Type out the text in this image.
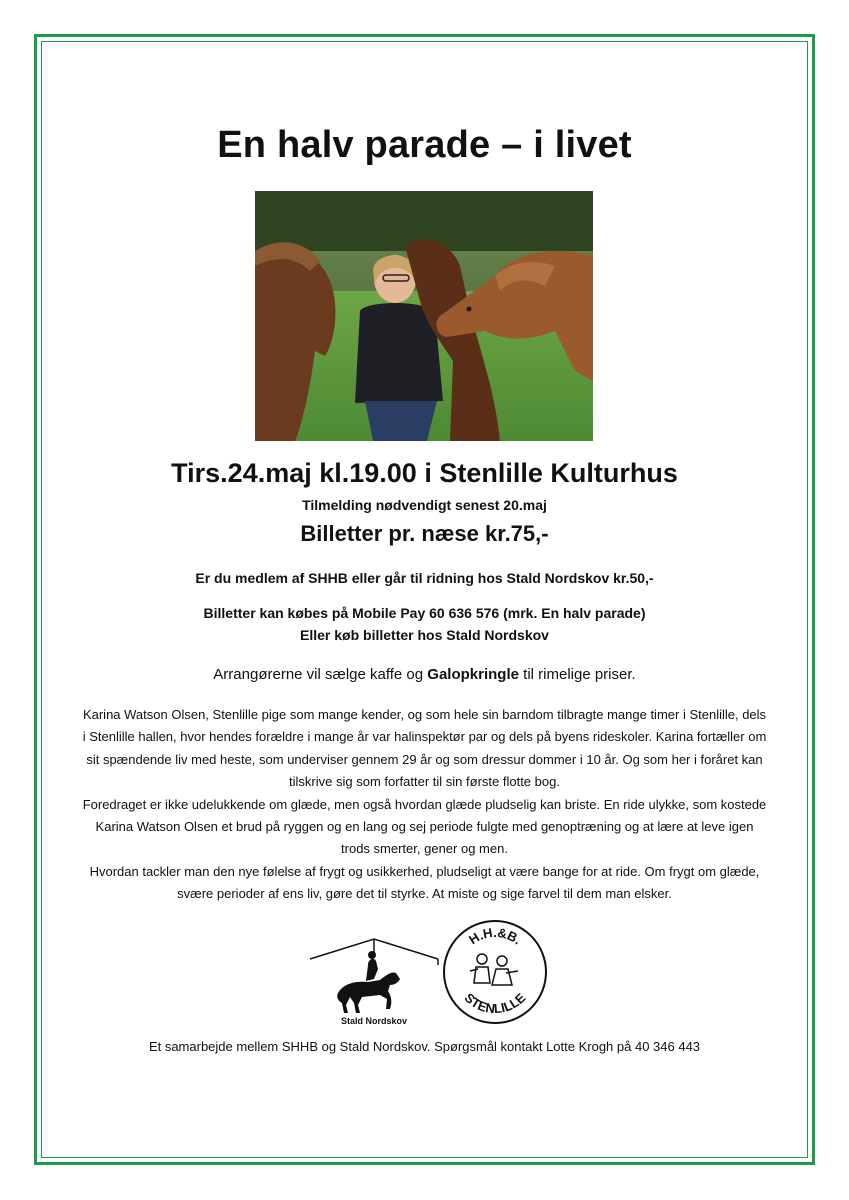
En halv parade – i livet
Tirs.24.maj kl.19.00 i Stenlille Kulturhus
Tilmelding nødvendigt senest 20.maj
Billetter pr. næse kr.75,-
Er du medlem af SHHB eller går til ridning hos Stald Nordskov kr.50,-
Billetter kan købes på Mobile Pay 60 636 576 (mrk. En halv parade)
Eller køb billetter hos Stald Nordskov
Arrangørerne vil sælge kaffe og Galopkringle til rimelige priser.

Karina Watson Olsen, Stenlille pige som mange kender, og som hele sin barndom tilbragte mange timer i Stenlille, dels i Stenlille hallen, hvor hendes forældre i mange år var halinspektør par og dels på byens rideskoler. Karina fortæller om sit spændende liv med heste, som underviser gennem 29 år og som dressur dommer i 10 år. Og som her i foråret kan tilskrive sig som forfatter til sin første flotte bog.

Foredraget er ikke udelukkende om glæde, men også hvordan glæde pludselig kan briste. En ride ulykke, som kostede Karina Watson Olsen et brud på ryggen og en lang og sej periode fulgte med genoptræning og at lære at leve igen trods smerter, gener og men.

Hvordan tackler man den nye følelse af frygt og usikkerhed, pludseligt at være bange for at ride. Om frygt om glæde, svære perioder af ens liv, gøre det til styrke. At miste og sige farvel til dem man elsker.

Stald Nordskov
H.H.&B.
STENLILLE
Et samarbejde mellem SHHB og Stald Nordskov. Spørgsmål kontakt Lotte Krogh på 40 346 443
